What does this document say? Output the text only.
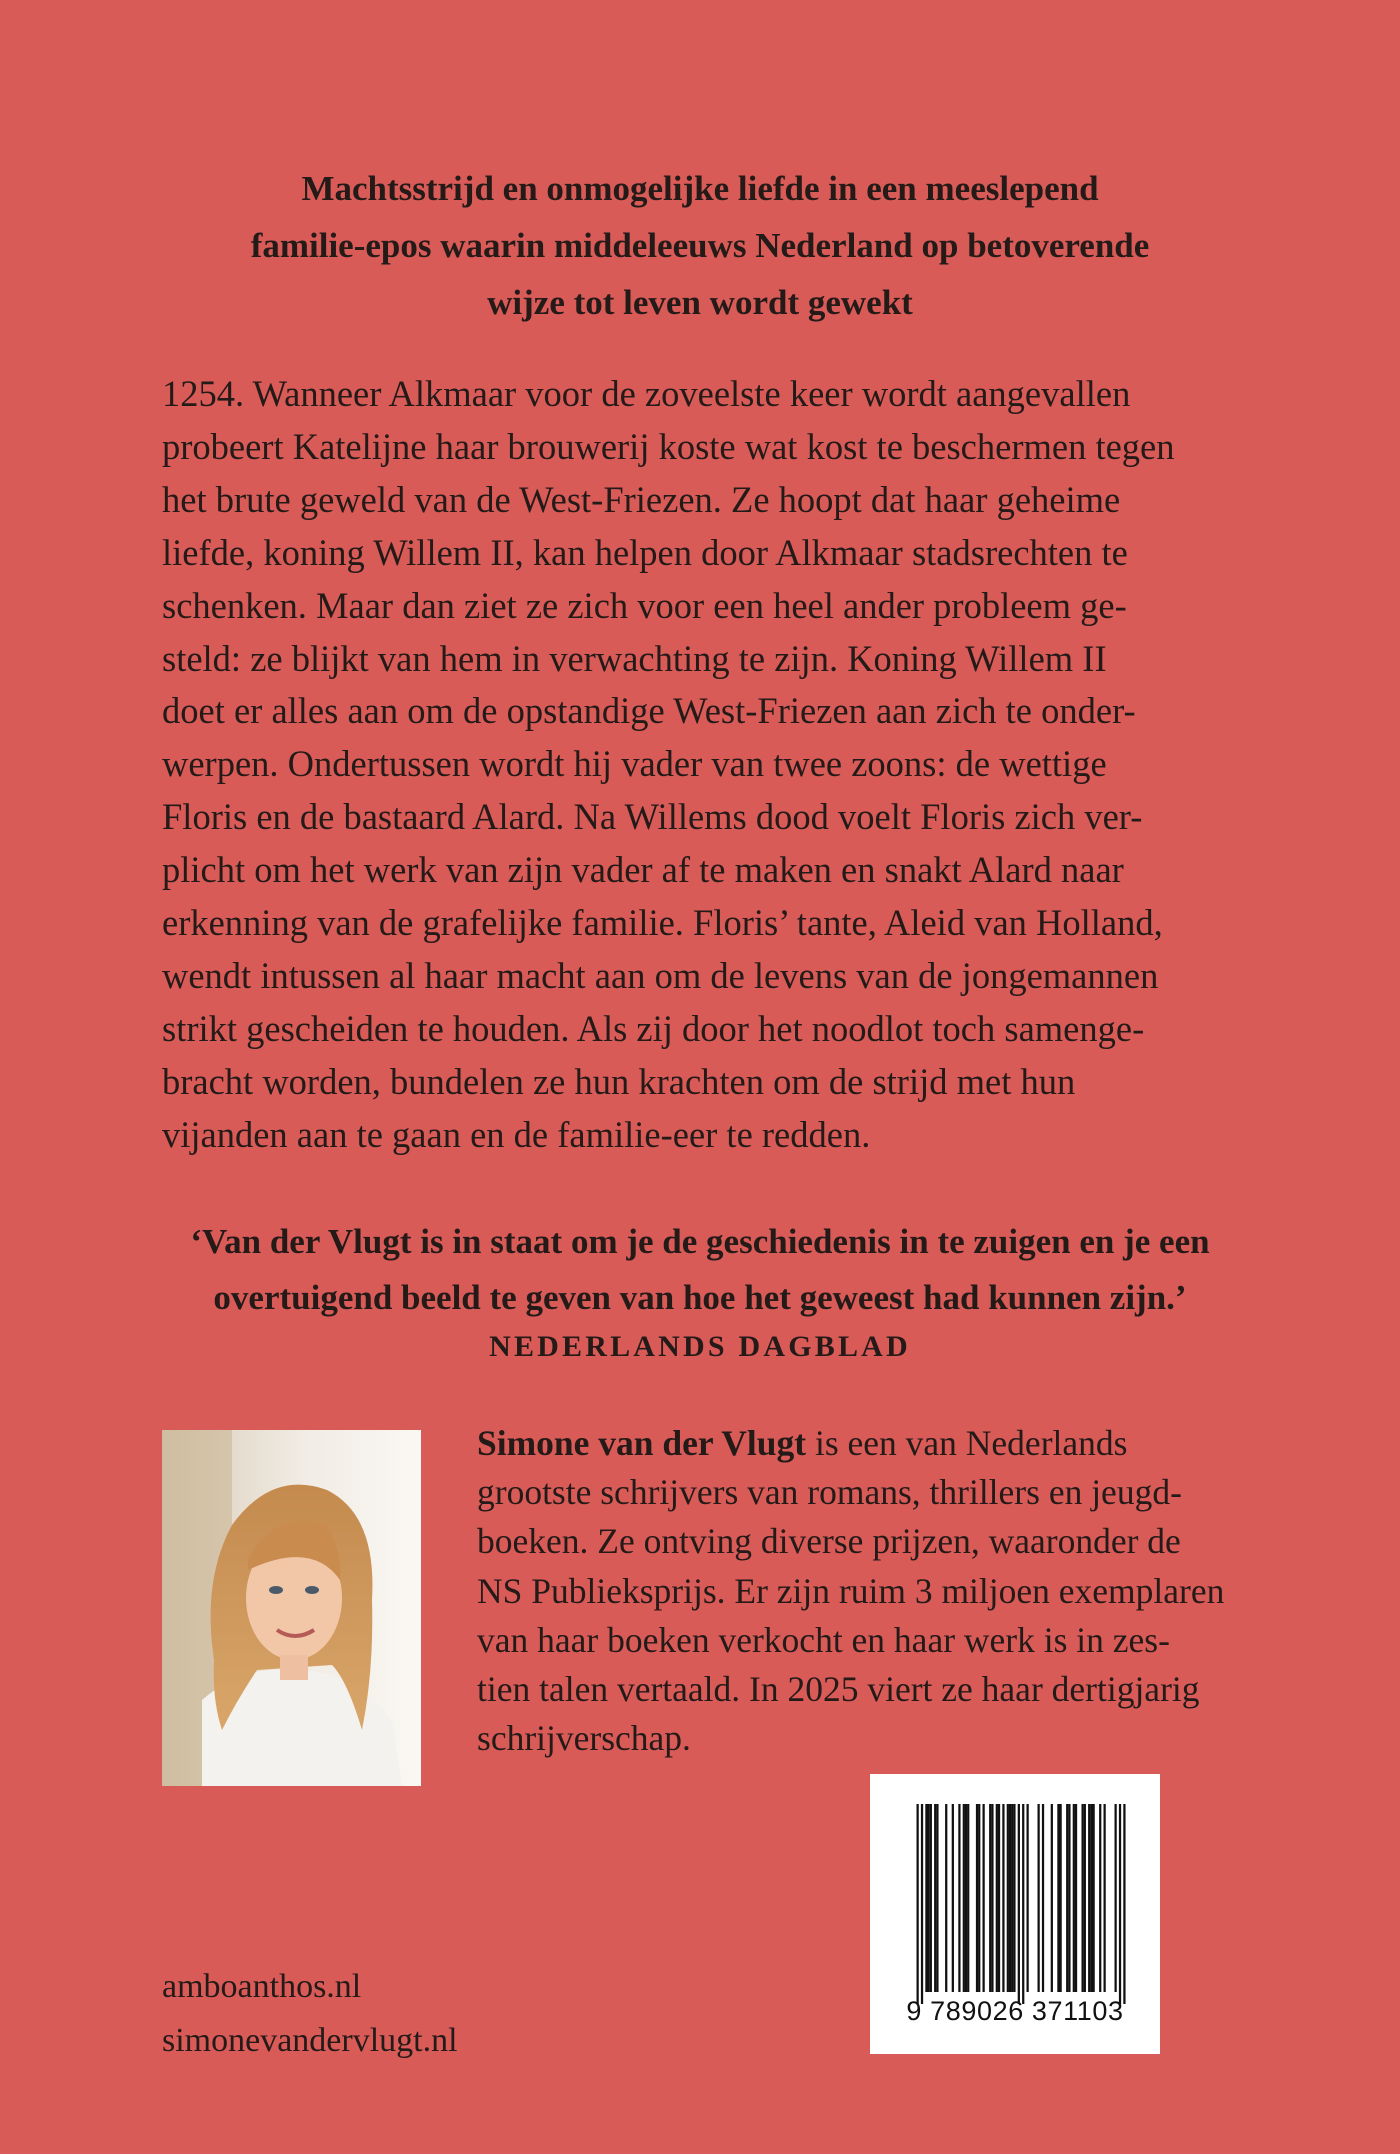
Machtsstrijd en onmogelijke liefde in een meeslepend
familie-epos waarin middeleeuws Nederland op betoverende
wijze tot leven wordt gewekt
1254. Wanneer Alkmaar voor de zoveelste keer wordt aangevallen
probeert Katelijne haar brouwerij koste wat kost te beschermen tegen
het brute geweld van de West-Friezen. Ze hoopt dat haar geheime
liefde, koning Willem II, kan helpen door Alkmaar stadsrechten te
schenken. Maar dan ziet ze zich voor een heel ander probleem ge-
steld: ze blijkt van hem in verwachting te zijn. Koning Willem II
doet er alles aan om de opstandige West-Friezen aan zich te onder-
werpen. Ondertussen wordt hij vader van twee zoons: de wettige
Floris en de bastaard Alard. Na Willems dood voelt Floris zich ver-
plicht om het werk van zijn vader af te maken en snakt Alard naar
erkenning van de grafelijke familie. Floris’ tante, Aleid van Holland,
wendt intussen al haar macht aan om de levens van de jongemannen
strikt gescheiden te houden. Als zij door het noodlot toch samenge-
bracht worden, bundelen ze hun krachten om de strijd met hun
vijanden aan te gaan en de familie-eer te redden.
‘Van der Vlugt is in staat om je de geschiedenis in te zuigen en je een
overtuigend beeld te geven van hoe het geweest had kunnen zijn.’
NEDERLANDS DAGBLAD
Simone van der Vlugt is een van Nederlands
grootste schrijvers van romans, thrillers en jeugd-
boeken. Ze ontving diverse prijzen, waaronder de
NS Publieksprijs. Er zijn ruim 3 miljoen exemplaren
van haar boeken verkocht en haar werk is in zes-
tien talen vertaald. In 2025 viert ze haar dertigjarig
schrijverschap.
9 789026 371103
amboanthos.nl
simonevandervlugt.nl
